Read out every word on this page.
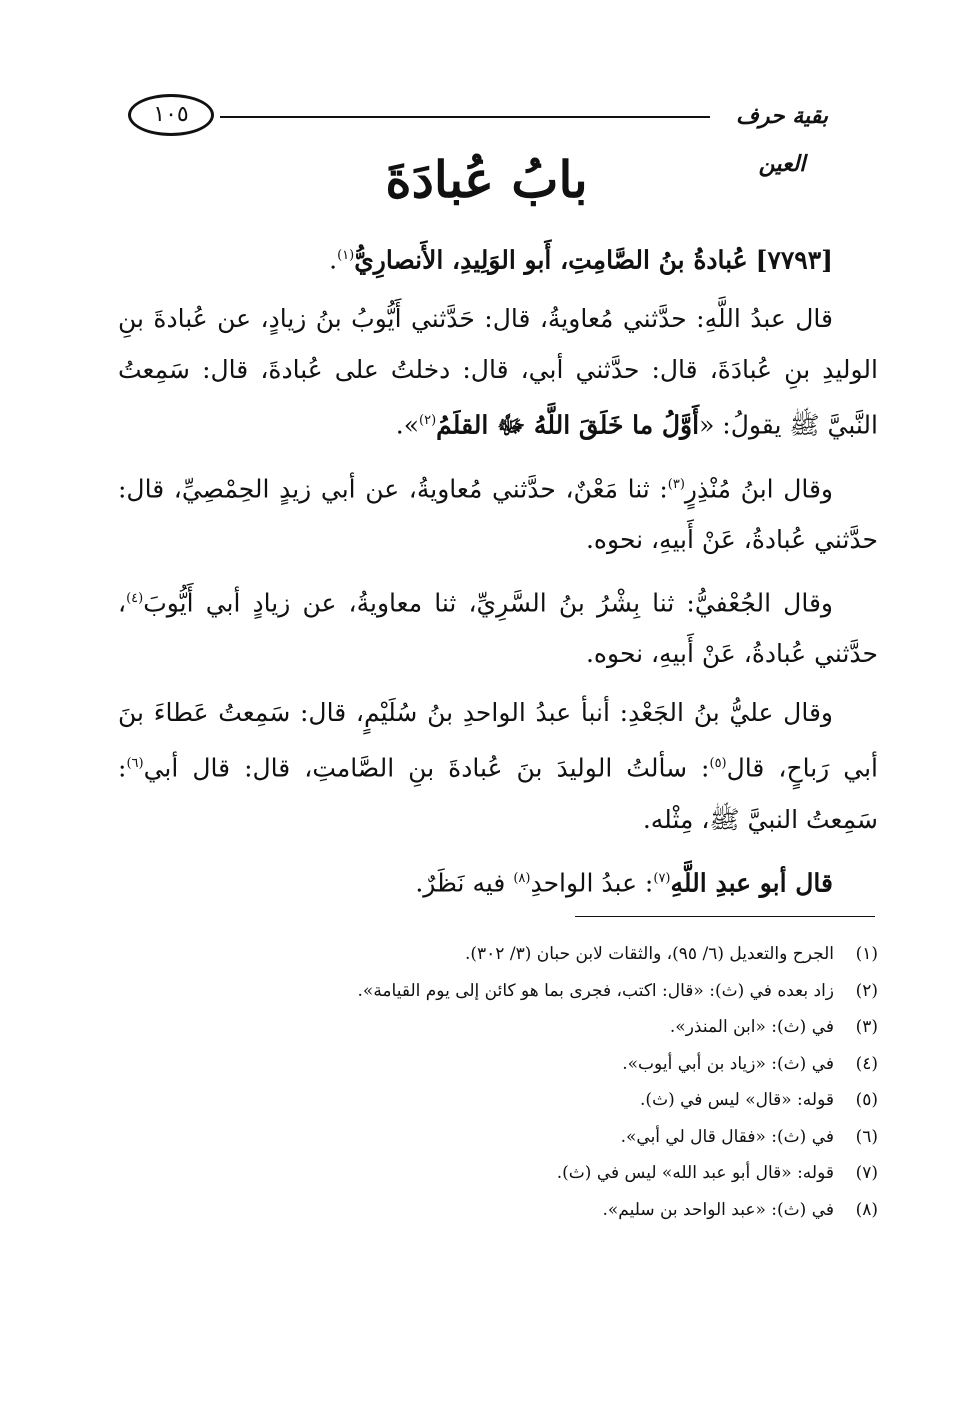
١٠٥	بقية حرف العين
بابُ عُبادَةَ

[٧٧٩٣] عُبادةُ بنُ الصَّامِتِ، أَبو الوَلِيدِ، الأَنصارِيُّ$^{(١)}$.

قال عبدُ اللَّهِ: حدَّثني مُعاويةُ، قال: حَدَّثني أَيُّوبُ بنُ زيادٍ، عن عُبادةَ بنِ الوليدِ بنِ عُبادَةَ، قال: حدَّثني أبي، قال: دخلتُ على عُبادةَ، قال: سَمِعتُ النَّبيَّ ﷺ يقولُ: «أَوَّلُ ما خَلَقَ اللَّهُ ﷻ القلَمُ$^{(٢)}$».

وقال ابنُ مُنْذِرٍ$^{(٣)}$: ثنا مَعْنٌ، حدَّثني مُعاويةُ، عن أبي زيدٍ الحِمْصِيِّ، قال: حدَّثني عُبادةُ، عَنْ أَبيهِ، نحوه.

وقال الجُعْفيُّ: ثنا بِشْرُ بنُ السَّرِيِّ، ثنا معاويةُ، عن زيادٍ أبي أَيُّوبَ$^{(٤)}$، حدَّثني عُبادةُ، عَنْ أَبيهِ، نحوه.

وقال عليُّ بنُ الجَعْدِ: أنبأ عبدُ الواحدِ بنُ سُلَيْمٍ، قال: سَمِعتُ عَطاءَ بنَ أبي رَباحٍ، قال$^{(٥)}$: سألتُ الوليدَ بنَ عُبادةَ بنِ الصَّامتِ، قال: قال أبي$^{(٦)}$: سَمِعتُ النبيَّ ﷺ، مِثْله.

قال أبو عبدِ اللَّهِ$^{(٧)}$: عبدُ الواحدِ$^{(٨)}$ فيه نَظَرٌ.

(١)الجرح والتعديل (٦/ ٩٥)، والثقات لابن حبان (٣/ ٣٠٢).
(٢)زاد بعده في (ث): «قال: اكتب، فجرى بما هو كائن إلى يوم القيامة».
(٣)في (ث): «ابن المنذر».
(٤)في (ث): «زياد بن أبي أيوب».
(٥)قوله: «قال» ليس في (ث).
(٦)في (ث): «فقال قال لي أبي».
(٧)قوله: «قال أبو عبد الله» ليس في (ث).
(٨)في (ث): «عبد الواحد بن سليم».
